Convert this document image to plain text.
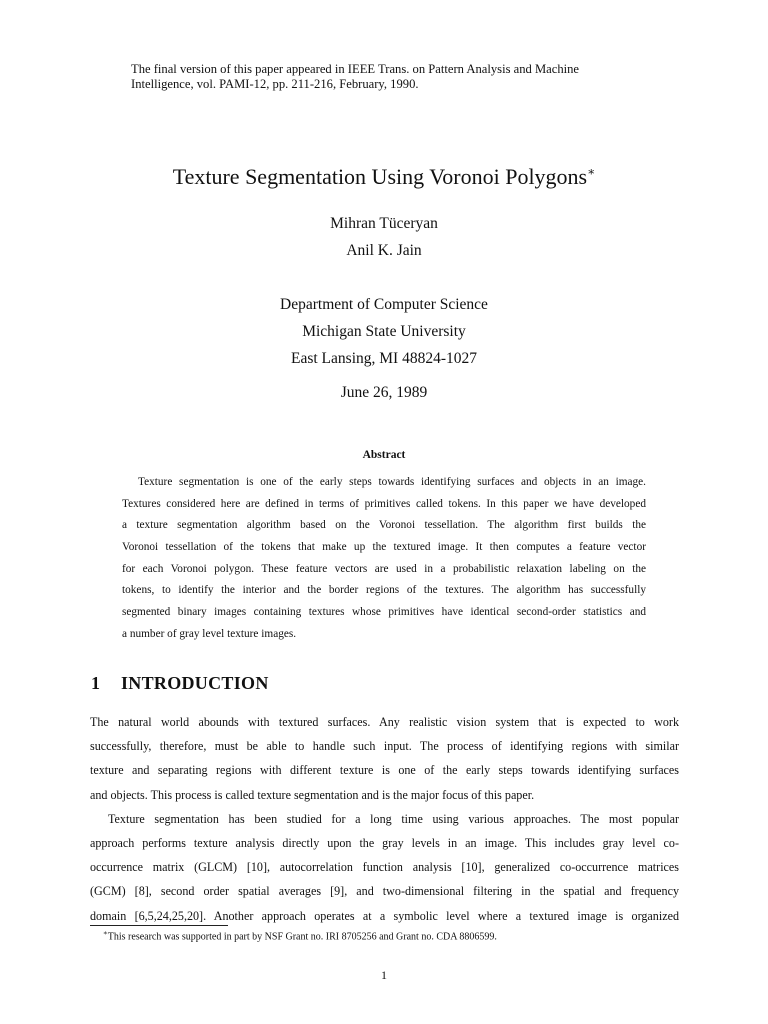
The final version of this paper appeared in IEEE Trans. on Pattern Analysis and Machine
Intelligence, vol. PAMI-12, pp. 211-216, February, 1990.
Texture Segmentation Using Voronoi Polygons∗
Mihran Tüceryan
Anil K. Jain
Department of Computer Science
Michigan State University
East Lansing, MI 48824-1027
June 26, 1989
Abstract
Texture segmentation is one of the early steps towards identifying surfaces and objects in an image.
Textures considered here are defined in terms of primitives called tokens. In this paper we have developed
a texture segmentation algorithm based on the Voronoi tessellation. The algorithm first builds the
Voronoi tessellation of the tokens that make up the textured image. It then computes a feature vector
for each Voronoi polygon. These feature vectors are used in a probabilistic relaxation labeling on the
tokens, to identify the interior and the border regions of the textures. The algorithm has successfully
segmented binary images containing textures whose primitives have identical second-order statistics and
a number of gray level texture images.
1 INTRODUCTION
The natural world abounds with textured surfaces. Any realistic vision system that is expected to work
successfully, therefore, must be able to handle such input. The process of identifying regions with similar
texture and separating regions with different texture is one of the early steps towards identifying surfaces
and objects. This process is called texture segmentation and is the major focus of this paper.
Texture segmentation has been studied for a long time using various approaches. The most popular
approach performs texture analysis directly upon the gray levels in an image. This includes gray level co-
occurrence matrix (GLCM) [10], autocorrelation function analysis [10], generalized co-occurrence matrices
(GCM) [8], second order spatial averages [9], and two-dimensional filtering in the spatial and frequency
domain [6,5,24,25,20]. Another approach operates at a symbolic level where a textured image is organized
∗This research was supported in part by NSF Grant no. IRI 8705256 and Grant no. CDA 8806599.
1
